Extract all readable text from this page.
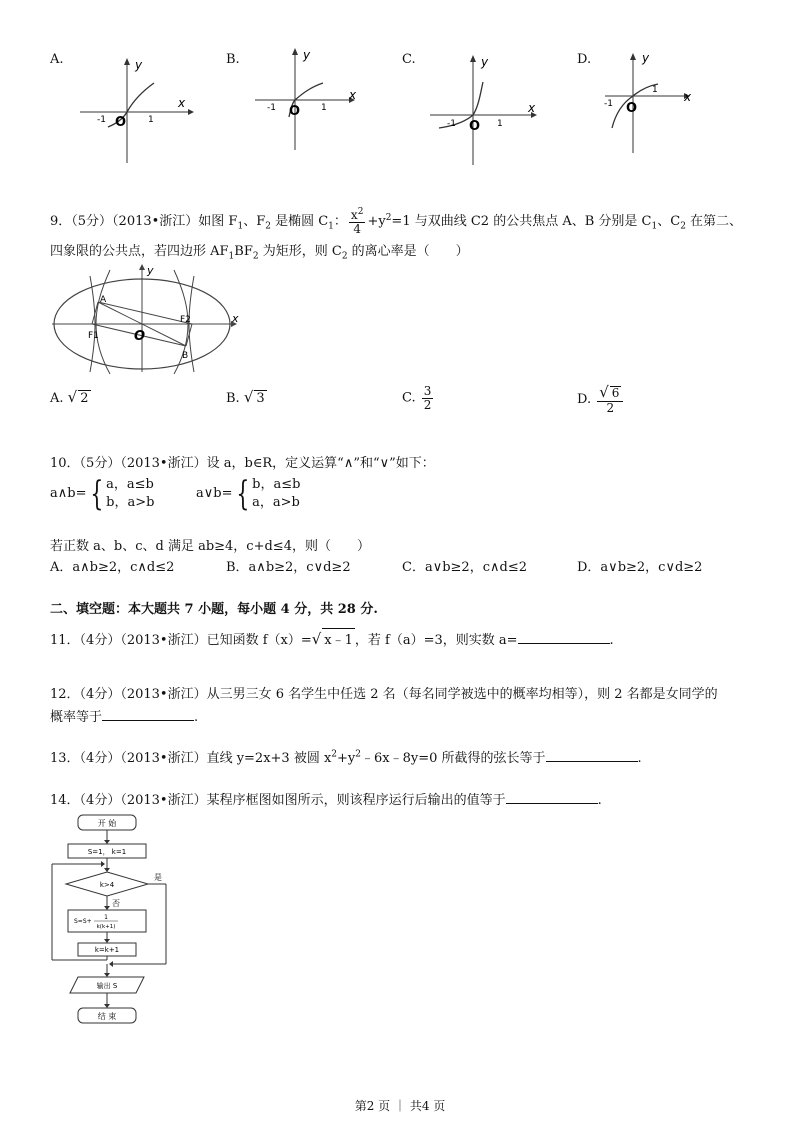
A.	B.	C.	D.
y
x
O
-1	1
y
x
O
-1	1
y
x
O
-1	1
y
x
O
-1
1
9．（5分）（2013•浙江）如图 $F_1$、$F_2$ 是椭圆 $C_1$： $\frac{x^2}{4} +y^2=1$ 与双曲线 C2 的公共焦点 A、B 分别是 $C_1$、$C_2$ 在第二、
四象限的公共点，若四边形 $AF_1BF_2$ 为矩形，则 $C_2$ 的离心率是（　　）
y
x
O
A
B
F1
F2
A. √ 2	B. √ 3	C. $\frac{3}{2}$	D. $\frac{√ 6}{2}$
10．（5分）（2013•浙江）设 a，b∈R，定义运算“∧”和“∨”如下：
a∧b= { a，a≤b
b，a>b
a∨b= { b，a≤b
a，a>b
若正数 a、b、c、d 满足 ab≥4，c+d≤4，则（　　）
A．a∧b≥2，c∧d≤2	B．a∧b≥2，c∨d≥2	C．a∨b≥2，c∧d≤2	D．a∨b≥2，c∨d≥2
二、填空题：本大题共 7 小题，每小题 4 分，共 28 分.
11．（4分）（2013•浙江）已知函数 f（x）=√ x﹣1 ，若 f（a）=3，则实数 a=	.
12．（4分）（2013•浙江）从三男三女 6 名学生中任选 2 名（每名同学被选中的概率均相等），则 2 名都是女同学的
概率等于	.
13．（4分）（2013•浙江）直线 y=2x+3 被圆 $x^2+y^2﹣6x﹣8y=0$ 所截得的弦长等于	.
14．（4分）（2013•浙江）某程序框图如图所示，则该程序运行后输出的值等于	.
开 始
S=1， k=1
k>4
是
否
S=S+
1
k(k+1)
k=k+1
输出 S
结 束
第2 页 ｜ 共4 页
